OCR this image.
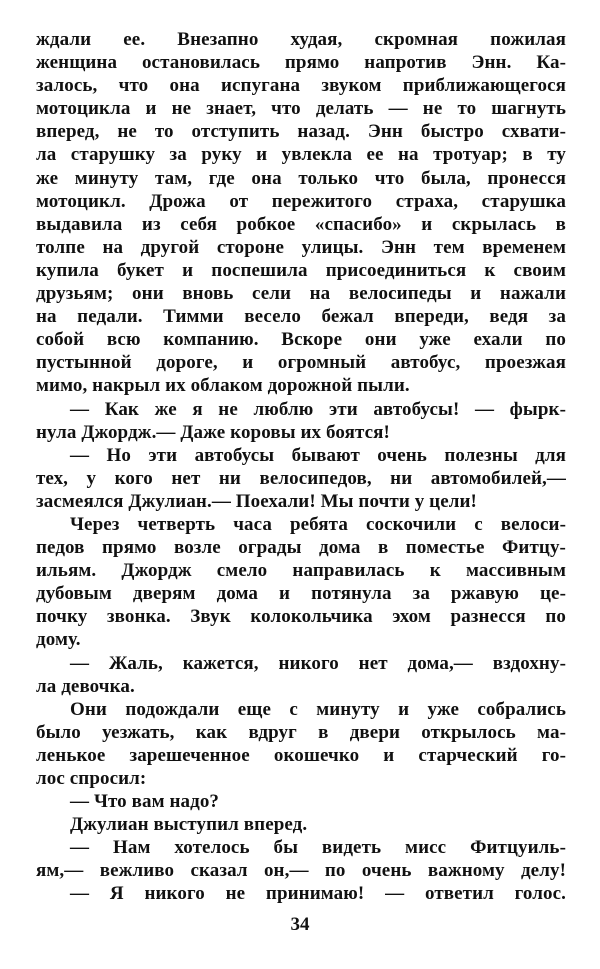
ждали ее. Внезапно худая, скромная пожилая
женщина остановилась прямо напротив Энн. Ка-
залось, что она испугана звуком приближающегося
мотоцикла и не знает, что делать — не то шагнуть
вперед, не то отступить назад. Энн быстро схвати-
ла старушку за руку и увлекла ее на тротуар; в ту
же минуту там, где она только что была, пронесся
мотоцикл. Дрожа от пережитого страха, старушка
выдавила из себя робкое «спасибо» и скрылась в
толпе на другой стороне улицы. Энн тем временем
купила букет и поспешила присоединиться к своим
друзьям; они вновь сели на велосипеды и нажали
на педали. Тимми весело бежал впереди, ведя за
собой всю компанию. Вскоре они уже ехали по
пустынной дороге, и огромный автобус, проезжая
мимо, накрыл их облаком дорожной пыли.
— Как же я не люблю эти автобусы! — фырк-
нула Джордж.— Даже коровы их боятся!
— Но эти автобусы бывают очень полезны для
тех, у кого нет ни велосипедов, ни автомобилей,—
засмеялся Джулиан.— Поехали! Мы почти у цели!
Через четверть часа ребята соскочили с велоси-
педов прямо возле ограды дома в поместье Фитцу-
ильям. Джордж смело направилась к массивным
дубовым дверям дома и потянула за ржавую це-
почку звонка. Звук колокольчика эхом разнесся по
дому.
— Жаль, кажется, никого нет дома,— вздохну-
ла девочка.
Они подождали еще с минуту и уже собрались
было уезжать, как вдруг в двери открылось ма-
ленькое зарешеченное окошечко и старческий го-
лос спросил:
— Что вам надо?
Джулиан выступил вперед.
— Нам хотелось бы видеть мисс Фитцуиль-
ям,— вежливо сказал он,— по очень важному делу!
— Я никого не принимаю! — ответил голос.
34
